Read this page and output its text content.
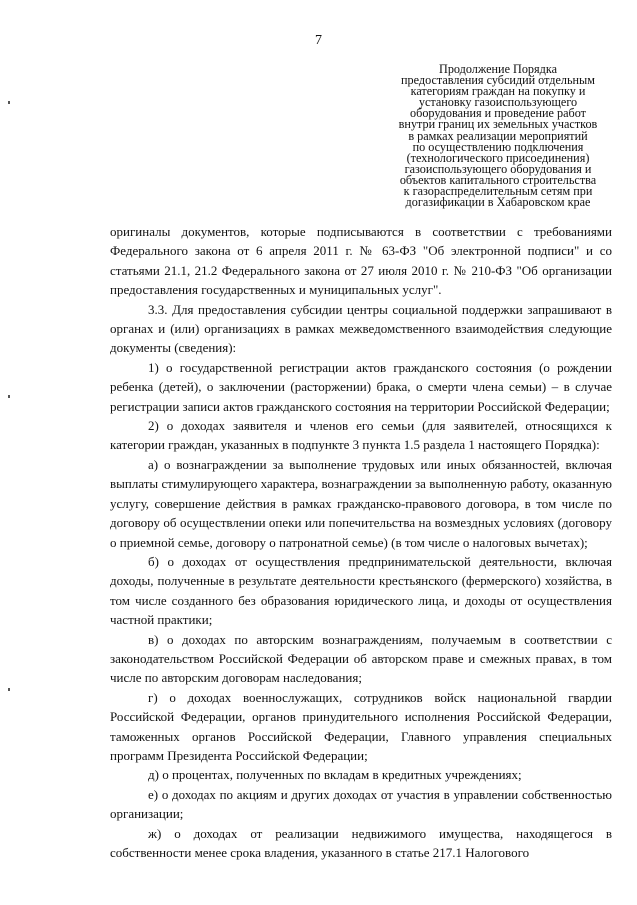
7
Продолжение Порядка
предоставления субсидий отдельным
категориям граждан на покупку и
установку газоиспользующего
оборудования и проведение работ
внутри границ их земельных участков
в рамках реализации мероприятий
по осуществлению подключения
(технологического присоединения)
газоиспользующего оборудования и
объектов капитального строительства
к газораспределительным сетям при
догазификации в Хабаровском крае

оригиналы документов, которые подписываются в соответствии с требованиями Федерального закона от 6 апреля 2011 г. № 63-ФЗ "Об электронной подписи" и со статьями 21.1, 21.2 Федерального закона от 27 июля 2010 г. № 210-ФЗ "Об организации предоставления государственных и муниципальных услуг".

3.3. Для предоставления субсидии центры социальной поддержки запрашивают в органах и (или) организациях в рамках межведомственного взаимодействия следующие документы (сведения):

1) о государственной регистрации актов гражданского состояния (о рождении ребенка (детей), о заключении (расторжении) брака, о смерти члена семьи) – в случае регистрации записи актов гражданского состояния на территории Российской Федерации;

2) о доходах заявителя и членов его семьи (для заявителей, относящихся к категории граждан, указанных в подпункте 3 пункта 1.5 раздела 1 настоящего Порядка):

а) о вознаграждении за выполнение трудовых или иных обязанностей, включая выплаты стимулирующего характера, вознаграждении за выполненную работу, оказанную услугу, совершение действия в рамках гражданско-правового договора, в том числе по договору об осуществлении опеки или попечительства на возмездных условиях (договору о приемной семье, договору о патронатной семье) (в том числе о налоговых вычетах);

б) о доходах от осуществления предпринимательской деятельности, включая доходы, полученные в результате деятельности крестьянского (фермерского) хозяйства, в том числе созданного без образования юридического лица, и доходы от осуществления частной практики;

в) о доходах по авторским вознаграждениям, получаемым в соответствии с законодательством Российской Федерации об авторском праве и смежных правах, в том числе по авторским договорам наследования;

г) о доходах военнослужащих, сотрудников войск национальной гвардии Российской Федерации, органов принудительного исполнения Российской Федерации, таможенных органов Российской Федерации, Главного управления специальных программ Президента Российской Федерации;

д) о процентах, полученных по вкладам в кредитных учреждениях;

е) о доходах по акциям и других доходах от участия в управлении собственностью организации;

ж) о доходах от реализации недвижимого имущества, находящегося в собственности менее срока владения, указанного в статье 217.1 Налогового
